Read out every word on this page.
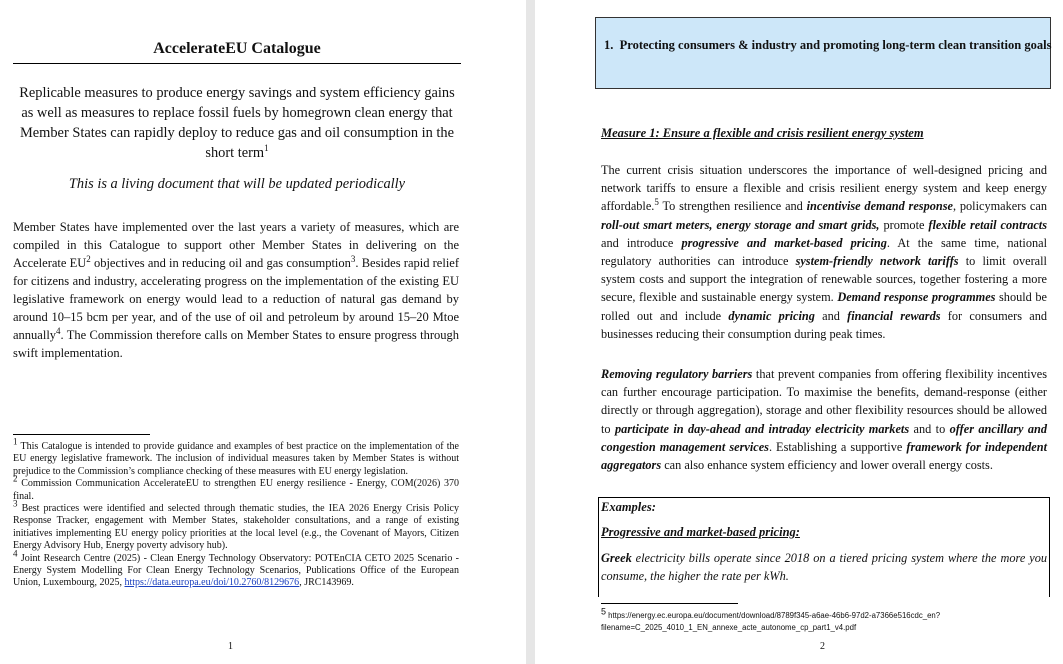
AccelerateEU Catalogue
Replicable measures to produce energy savings and system efficiency gains as well as measures to replace fossil fuels by homegrown clean energy that Member States can rapidly deploy to reduce gas and oil consumption in the short term$^1$
This is a living document that will be updated periodically
Member States have implemented over the last years a variety of measures, which are compiled in this Catalogue to support other Member States in delivering on the Accelerate $EU^2$ objectives and in reducing oil and gas consumption$^3$. Besides rapid relief for citizens and industry, accelerating progress on the implementation of the existing EU legislative framework on energy would lead to a reduction of natural gas demand by around 10–15 bcm per year, and of the use of oil and petroleum by around 15–20 Mtoe annually$^4$. The Commission therefore calls on Member States to ensure progress through swift implementation.

$^1$ This Catalogue is intended to provide guidance and examples of best practice on the implementation of the EU energy legislative framework. The inclusion of individual measures taken by Member States is without prejudice to the Commission’s compliance checking of these measures with EU energy legislation.

$^2$ Commission Communication AccelerateEU to strengthen EU energy resilience - Energy, COM(2026) 370 final.

$^3$ Best practices were identified and selected through thematic studies, the IEA 2026 Energy Crisis Policy Response Tracker, engagement with Member States, stakeholder consultations, and a range of existing initiatives implementing EU energy policy priorities at the local level (e.g., the Covenant of Mayors, Citizen Energy Advisory Hub, Energy poverty advisory hub).

$^4$ Joint Research Centre (2025) - Clean Energy Technology Observatory: POTEnCIA CETO 2025 Scenario - Energy System Modelling For Clean Energy Technology Scenarios, Publications Office of the European Union, Luxembourg, 2025, https://data.europa.eu/doi/10.2760/8129676, JRC143969.

1
1. Protecting consumers & industry and promoting long-term clean transition goals
Measure 1: Ensure a flexible and crisis resilient energy system
The current crisis situation underscores the importance of well-designed pricing and network tariffs to ensure a flexible and crisis resilient energy system and keep energy affordable.$^5$ To strengthen resilience and incentivise demand response, policymakers can roll-out smart meters, energy storage and smart grids, promote flexible retail contracts and introduce progressive and market-based pricing. At the same time, national regulatory authorities can introduce system-friendly network tariffs to limit overall system costs and support the integration of renewable sources, together fostering a more secure, flexible and sustainable energy system. Demand response programmes should be rolled out and include dynamic pricing and financial rewards for consumers and businesses reducing their consumption during peak times.
Removing regulatory barriers that prevent companies from offering flexibility incentives can further encourage participation. To maximise the benefits, demand-response (either directly or through aggregation), storage and other flexibility resources should be allowed to participate in day-ahead and intraday electricity markets and to offer ancillary and congestion management services. Establishing a supportive framework for independent aggregators can also enhance system efficiency and lower overall energy costs.
Examples:
Progressive and market-based pricing:
Greek electricity bills operate since 2018 on a tiered pricing system where the more you consume, the higher the rate per kWh.
$^5$ https://energy.ec.europa.eu/document/download/8789f345-a6ae-46b6-97d2-a7366e516cdc_en?filename=C_2025_4010_1_EN_annexe_acte_autonome_cp_part1_v4.pdf
2
